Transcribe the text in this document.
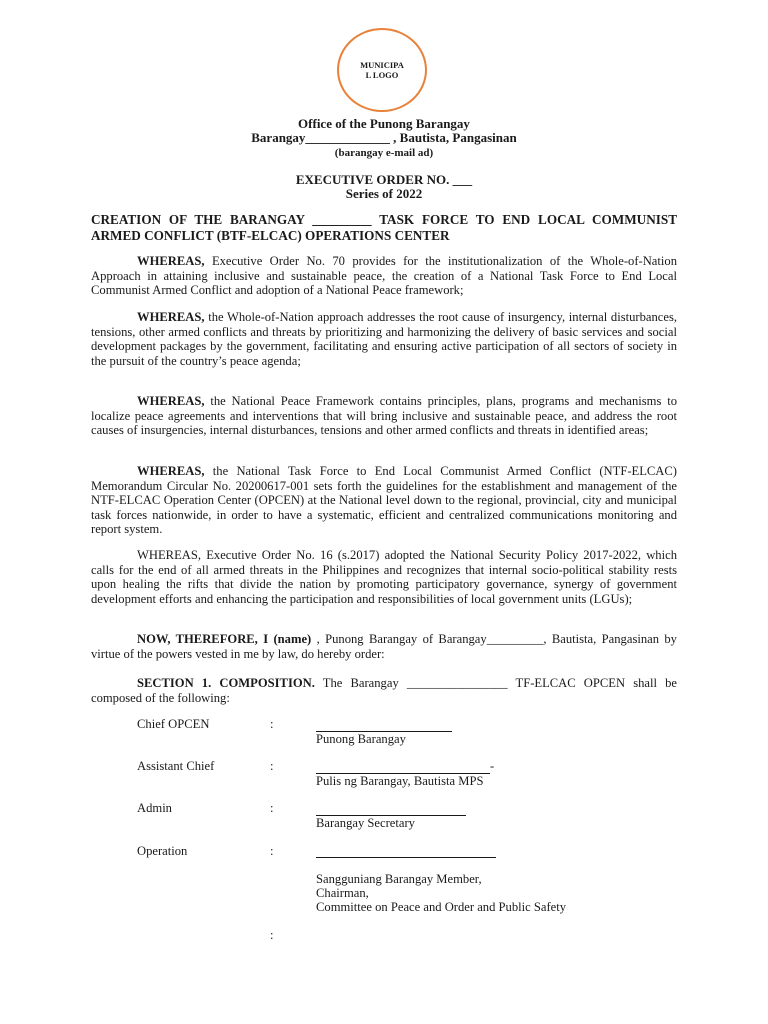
MUNICIPAL LOGO
Office of the Punong Barangay
Barangay_____________ , Bautista, Pangasinan
(barangay e-mail ad)
EXECUTIVE ORDER NO. ___
Series of 2022
CREATION OF THE BARANGAY _________ TASK FORCE TO END LOCAL COMMUNIST ARMED CONFLICT (BTF-ELCAC) OPERATIONS CENTER
WHEREAS, Executive Order No. 70 provides for the institutionalization of the Whole-of-Nation Approach in attaining inclusive and sustainable peace, the creation of a National Task Force to End Local Communist Armed Conflict and adoption of a National Peace framework;
WHEREAS, the Whole-of-Nation approach addresses the root cause of insurgency, internal disturbances, tensions, other armed conflicts and threats by prioritizing and harmonizing the delivery of basic services and social development packages by the government, facilitating and ensuring active participation of all sectors of society in the pursuit of the country’s peace agenda;
WHEREAS, the National Peace Framework contains principles, plans, programs and mechanisms to localize peace agreements and interventions that will bring inclusive and sustainable peace, and address the root causes of insurgencies, internal disturbances, tensions and other armed conflicts and threats in identified areas;
WHEREAS, the National Task Force to End Local Communist Armed Conflict (NTF-ELCAC) Memorandum Circular No. 20200617-001 sets forth the guidelines for the establishment and management of the NTF-ELCAC Operation Center (OPCEN) at the National level down to the regional, provincial, city and municipal task forces nationwide, in order to have a systematic, efficient and centralized communications monitoring and report system.
WHEREAS, Executive Order No. 16 (s.2017) adopted the National Security Policy 2017-2022, which calls for the end of all armed threats in the Philippines and recognizes that internal socio-political stability rests upon healing the rifts that divide the nation by promoting participatory governance, synergy of government development efforts and enhancing the participation and responsibilities of local government units (LGUs);
NOW, THEREFORE, I (name) , Punong Barangay of Barangay_________, Bautista, Pangasinan by virtue of the powers vested in me by law, do hereby order:
SECTION 1. COMPOSITION. The Barangay ________________ TF-ELCAC OPCEN shall be composed of the following:
Chief OPCEN	:
Punong Barangay
Assistant Chief	:	-
Pulis ng Barangay, Bautista MPS
Admin	:
Barangay Secretary
Operation	:
Sangguniang Barangay Member,
Chairman,
Committee on Peace and Order and Public Safety
:
